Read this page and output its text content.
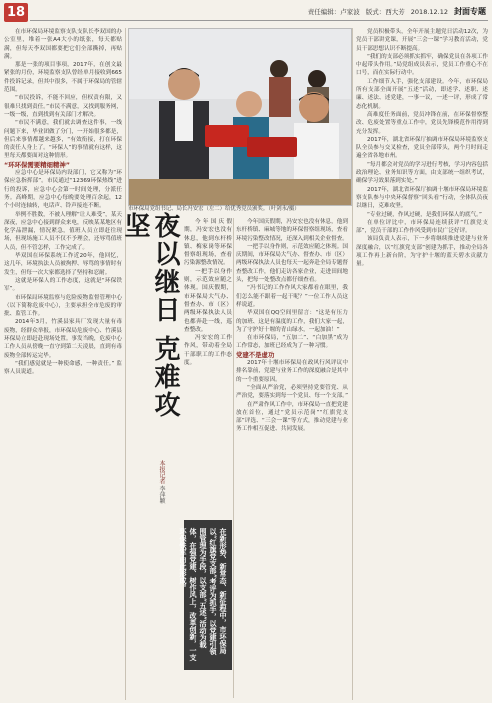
18	责任编辑：卢家波 版式：西大芳 2018.12.12 封面专题

在市环保局环境监察支队支队长李双国的办公室里，堆着一张A4大小的纸张，每天都贴满，但每天李双国都要把它们全部撕掉，再贴满。

那是一张的项目事项，2017年，在创文最紧张的月份，环境监察支队曾经单月接收到665件投诉记录，但其中很多，不属于环保局的管辖范围。

“市民投诉，不能不回应，但权责有限，又很难只找到责任。”市民不满意，又找到服务网，一级一级，直到找到有关部门才解决。

“市民不满意，我们就去调查这件事，一线问题下来，毕业团做了分门，一开始很多都是，但后来事情都越来越多，“有效衔接，打在环保的责任人身上了。“环保人”的事情就有这样，这里每天都要面对这种情形。

“环环保需要精细精神”

应急中心是环保局内设部门，它又称为“环保应急指挥部”。市民通过“12369环保热线”进行的投诉，应急中心会第一时间处理，分派任务。高峰期，应急中心每晚要处理百余起，12个小时连轴转，电话声、铃声接连不断。

举例不胜数，不被人理解“让人难受”，某天深夜，应急中心接到群众来电，反映某某地区有化学品泄漏，情况紧急，值班人员立即赶往现场，但现场施工人员不仅不予理会，还辱骂值班人员，但不管怎样，工作完成了。

毕双国在环保系统工作近20年，他回忆，这几年，环境执法人员被拘押、辱骂的事情时有发生，但每一次大家都选择了坚持和忍耐。

这就是环保人的工作态度，这就是“环保铁军”。

市环保局环境监察与危险废物监督管理中心（以下简称危废中心），主要承担全市危废的审批、监管工作。

2014年3月，竹溪县家具厂发现大量有毒废物，经群众举报，市环保局危废中心、竹溪县环保局立即赶赴现场处置。事发当晚，危废中心工作人员从傍晚一直守到第二天凌晨，直到有毒废物全部转运完毕。

“我们感觉就是一种使命感，一种责任。” 监察人员说道。

市环保局党组书记、局长冯安宏（左二）给优秀党员颁奖。（叶剑永/摄）
夜以继日 克难攻坚
本报记者 李萍颖

今年国庆假期，冯安宏也没有休息，他到东杆桥镇、梅家岗等环保督察组现场，查看污染源整改情况。

一把手以身作则，示范效应随之体现。国庆假期，市环保局大气办、督查办、市（区）两级环保执法人员也都奔赴一线，巡查整改。

冯安宏的工作作风，带动着全局干部职工的工作态度。

在新形势、新常态、新征程中，市环保局以“红旗党支部”考评为抓手，以党建引领围管理为手段，以支部“五述”活动为载体，在强党建、树作风上，改革创新，一支环保铁军由此形成。

今年国庆假期，冯安宏也没有休息，他到东杆桥镇、麻城等地的环保督察组现场，查看环境污染整改情况，还深入到相关企业督查。

一把手以身作则，示范效应随之体现。国庆期间，市环保局大气办、督查办、市（区）两级环保执法人员也每天一起奔赴全局专题督查整改工作，他们走访各家企业，走进田间地头，把每一处整改点都仔细查看。

“冯书记的工作作风大家都看在眼里，我们怎么能不跟着一起干呢？”一位工作人员这样说道。

毕双国在QQ空间里留言：“这是有压力的加班、这是有温度的工作，我们大家一起，为了守护好十堰的青山绿水，一起加油！”

在市环保局，“五加二”、“白加黑”成为工作常态，加班已经成为了一种习惯。

党建不是虚功

2017年十堰市环保局在政风行风评议中排名靠前，党建与业务工作的深度融合是其中的一个重要原因。

“全面从严治党，必须坚持党要管党、从严治党，要落实到每一个党员、每一个支部。”

在严肃作风工作中，市环保局一直把党建放在首位，通过“党员示范岗”“红旗党支部”评选、“三会一课”等方式，推动党建与业务工作相互促进、共同发展。

党员积极带头，全年开展主题党日活动12次，为党员干部讲党课，开展“三会一课”学习教育活动，党员干部思想认识不断提高。

“我们的支部必须抓实抓牢，确保党员在各项工作中起带头作用。”局党组成员表示，党员工作重心不在口号，而在实际行动中。

工作细节入手，强化支部建设。今年，市环保局所有支部全面开展“五述”活动，即述学、述职、述廉、述法、述党建，一事一议，一述一评，形成了常态化机制。

高难度任务面前，党员冲锋在前，在环保督察整改、危废处置等重点工作中，党员先锋模范作用得到充分发挥。

2017年，湖北省环保厅抽调市环保局环境监察支队全员参与交叉检查，党员全部带头，两个月时间走遍全省各地市州。

“每月都会对党员的学习进行考核，学习内容包括政治理论、业务知识等方面，由支部统一组织考试，确保学习效果落到实处。”

2017年，湖北省环保厅抽调十堰市环保局环境监察支队参与中央环保督察“回头看”行动，全体队员夜以继日，克难攻坚。

“专业过硬，作风过硬，是我们环保人的底气。”

在单位评比中，市环保局连续获评“红旗党支部”，党员干部的工作作风受到市民广泛好评。

该局负责人表示，下一步将继续推进党建与业务深度融合，以“红旗党支部”创建为抓手，推动全局各项工作再上新台阶，为守护十堰的蓝天碧水贡献力量。
